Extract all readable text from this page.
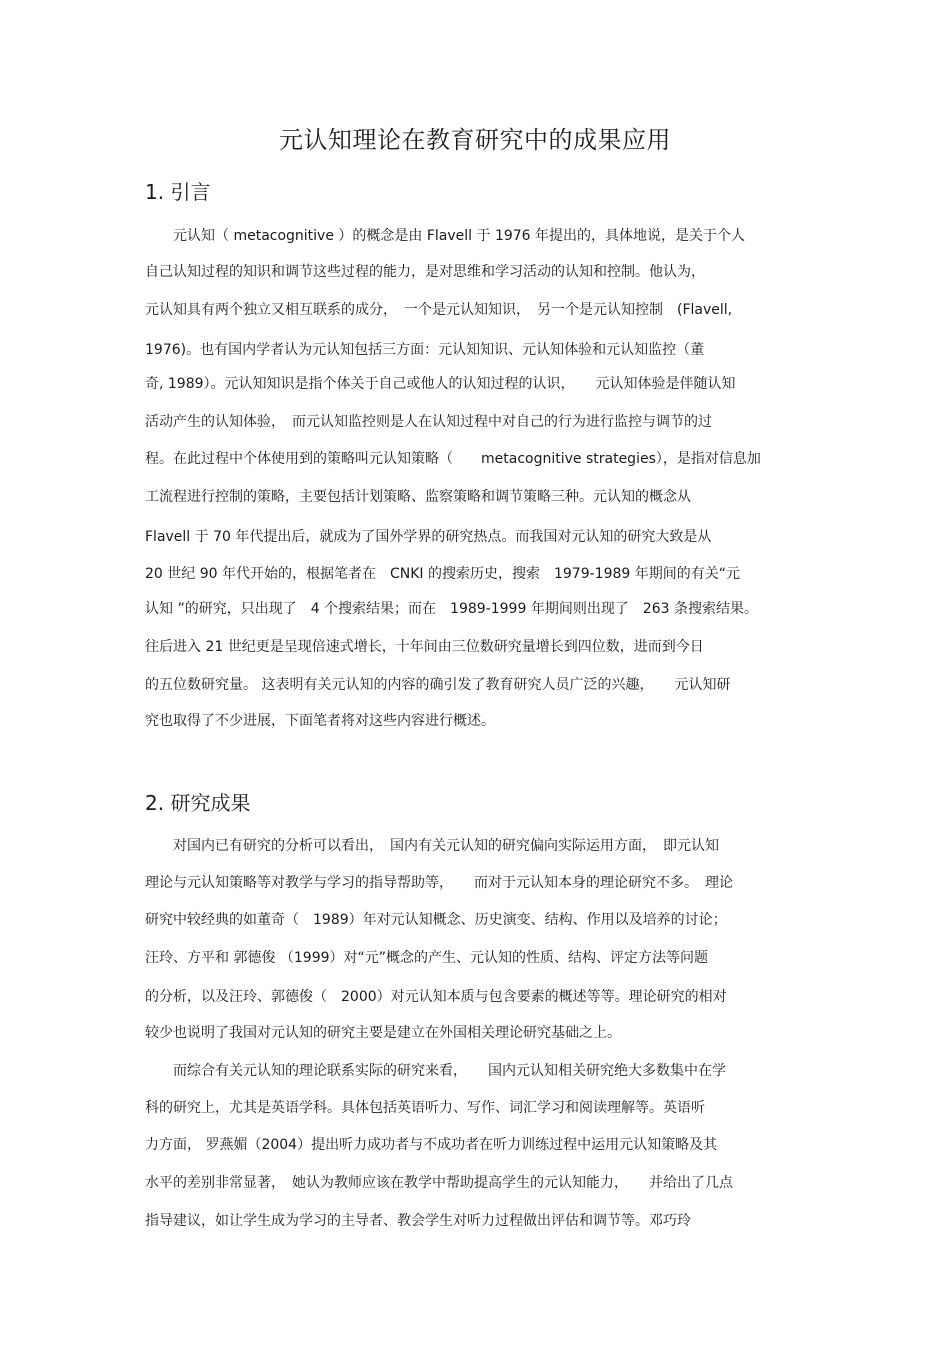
元认知理论在教育研究中的成果应用
1. 引言
　　元认知（ metacognitive ）的概念是由 Flavell 于 1976 年提出的，具体地说，是关于个人
自己认知过程的知识和调节这些过程的能力，是对思维和学习活动的认知和控制。他认为，
元认知具有两个独立又相互联系的成分，　一个是元认知知识，　另一个是元认知控制　(Flavell,
1976)。也有国内学者认为元认知包括三方面：元认知知识、元认知体验和元认知监控（董
奇, 1989）。元认知知识是指个体关于自己或他人的认知过程的认识，　　元认知体验是伴随认知
活动产生的认知体验，　而元认知监控则是人在认知过程中对自己的行为进行监控与调节的过
程。在此过程中个体使用到的策略叫元认知策略（　　metacognitive strategies），是指对信息加
工流程进行控制的策略，主要包括计划策略、监察策略和调节策略三种。元认知的概念从
Flavell 于 70 年代提出后，就成为了国外学界的研究热点。而我国对元认知的研究大致是从
20 世纪 90 年代开始的，根据笔者在　CNKI 的搜索历史，搜索　1979-1989 年期间的有关“元
认知 ”的研究，只出现了　4 个搜索结果；而在　1989-1999 年期间则出现了　263 条搜索结果。
往后进入 21 世纪更是呈现倍速式增长，十年间由三位数研究量增长到四位数，进而到今日
的五位数研究量。 这表明有关元认知的内容的确引发了教育研究人员广泛的兴趣，　　元认知研
究也取得了不少进展，下面笔者将对这些内容进行概述。
2. 研究成果
　　对国内已有研究的分析可以看出，　国内有关元认知的研究偏向实际运用方面，　即元认知
理论与元认知策略等对教学与学习的指导帮助等，　　而对于元认知本身的理论研究不多。　理论
研究中较经典的如董奇（　1989）年对元认知概念、历史演变、结构、作用以及培养的讨论；
汪玲、方平和 郭德俊 （1999）对“元”概念的产生、元认知的性质、结构、评定方法等问题
的分析，以及汪玲、郭德俊（　2000）对元认知本质与包含要素的概述等等。理论研究的相对
较少也说明了我国对元认知的研究主要是建立在外国相关理论研究基础之上。
　　而综合有关元认知的理论联系实际的研究来看，　　国内元认知相关研究绝大多数集中在学
科的研究上，尤其是英语学科。具体包括英语听力、写作、词汇学习和阅读理解等。英语听
力方面， 罗燕媚（2004）提出听力成功者与不成功者在听力训练过程中运用元认知策略及其
水平的差别非常显著，　她认为教师应该在教学中帮助提高学生的元认知能力，　　并给出了几点
指导建议，如让学生成为学习的主导者、教会学生对听力过程做出评估和调节等。邓巧玲
